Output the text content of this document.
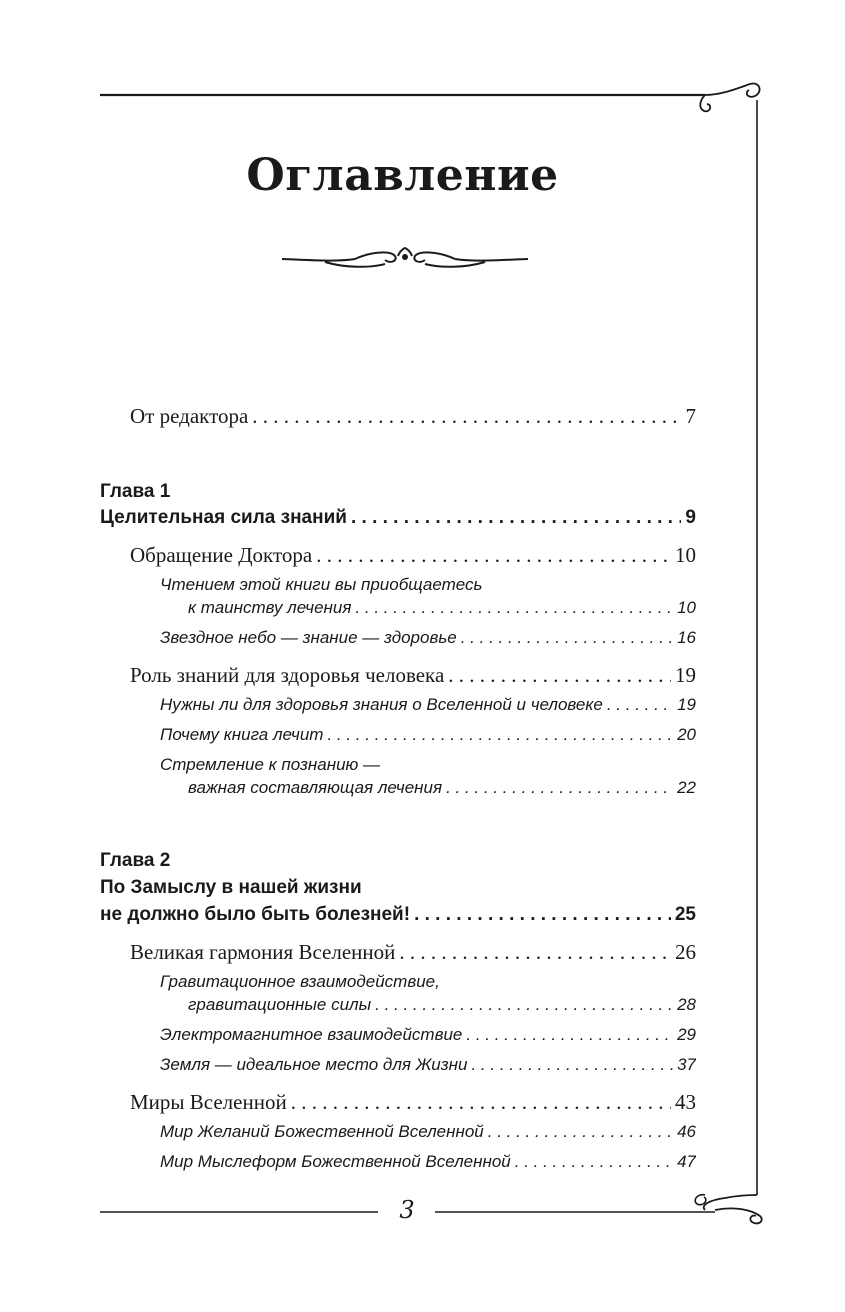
Оглавление
От редактора . . .	7
Глава 1
Целительная сила знаний . . .	9
Обращение Доктора . . .	10
Чтением этой книги вы приобщаетесь
к таинству лечения . . .	10
Звездное небо — знание — здоровье . . .	16
Роль знаний для здоровья человека . . .	19
Нужны ли для здоровья знания о Вселенной и человеке . . .	19
Почему книга лечит . . .	20
Стремление к познанию —
важная составляющая лечения . . .	22
Глава 2
По Замыслу в нашей жизни
не должно было быть болезней! . . .	25
Великая гармония Вселенной . . .	26
Гравитационное взаимодействие,
гравитационные силы . . .	28
Электромагнитное взаимодействие . . .	29
Земля — идеальное место для Жизни . . .	37
Миры Вселенной . . .	43
Мир Желаний Божественной Вселенной . . .	46
Мир Мыслеформ Божественной Вселенной . . .	47
3
